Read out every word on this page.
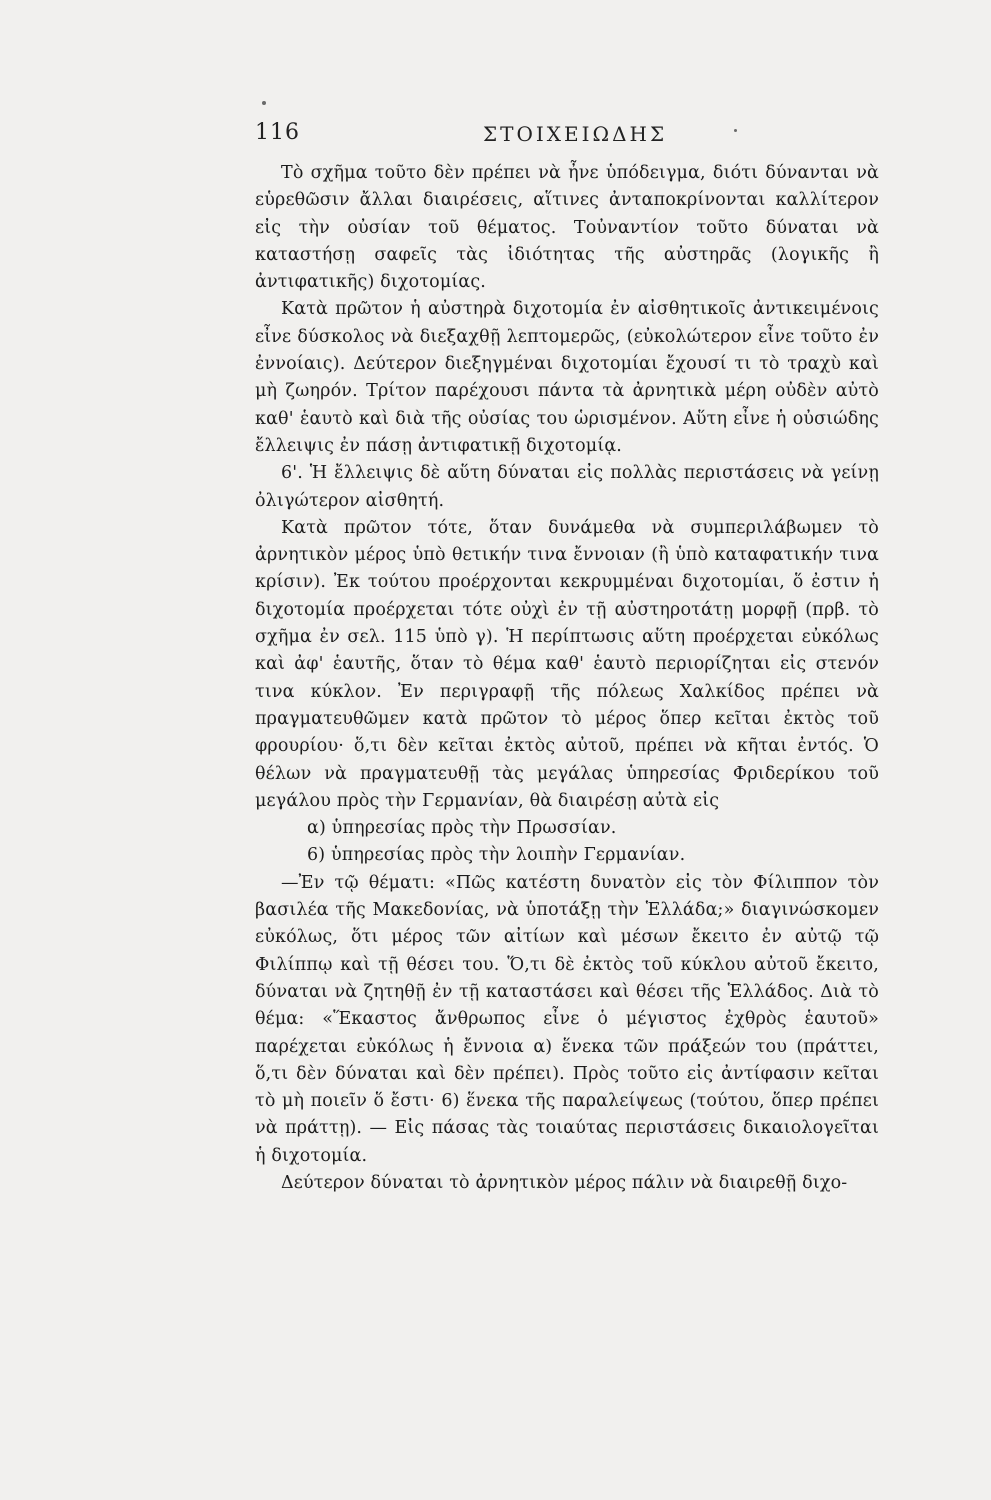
116	ΣΤΟΙΧΕΙΩΔΗΣ

Τὸ σχῆμα τοῦτο δὲν πρέπει νὰ ἦνε ὑπόδειγμα, διότι δύνανται νὰ εὑρεθῶσιν ἄλλαι διαιρέσεις, αἵτινες ἀνταποκρίνονται καλλίτερον εἰς τὴν οὐσίαν τοῦ θέματος. Τοὐναντίον τοῦτο δύναται νὰ καταστήσῃ σαφεῖς τὰς ἰδιότητας τῆς αὐστηρᾶς (λογικῆς ἢ ἀντιφατικῆς) διχοτομίας.

Κατὰ πρῶτον ἡ αὐστηρὰ διχοτομία ἐν αἰσθητικοῖς ἀντικειμένοις εἶνε δύσκολος νὰ διεξαχθῇ λεπτομερῶς, (εὐκολώτερον εἶνε τοῦτο ἐν ἐννοίαις). Δεύτερον διεξηγμέναι διχοτομίαι ἔχουσί τι τὸ τραχὺ καὶ μὴ ζωηρόν. Τρίτον παρέχουσι πάντα τὰ ἀρνητικὰ μέρη οὐδὲν αὐτὸ καθ' ἑαυτὸ καὶ διὰ τῆς οὐσίας του ὡρισμένον. Αὕτη εἶνε ἡ οὐσιώδης ἔλλειψις ἐν πάσῃ ἀντιφατικῇ διχοτομίᾳ.

6'. Ἡ ἔλλειψις δὲ αὕτη δύναται εἰς πολλὰς περιστάσεις νὰ γείνῃ ὀλιγώτερον αἰσθητή.

Κατὰ πρῶτον τότε, ὅταν δυνάμεθα νὰ συμπεριλάβωμεν τὸ ἀρνητικὸν μέρος ὑπὸ θετικήν τινα ἔννοιαν (ἢ ὑπὸ καταφατικήν τινα κρίσιν). Ἐκ τούτου προέρχονται κεκρυμμέναι διχοτομίαι, ὅ ἐστιν ἡ διχοτομία προέρχεται τότε οὐχὶ ἐν τῇ αὐστηροτάτῃ μορφῇ (πρβ. τὸ σχῆμα ἐν σελ. 115 ὑπὸ γ). Ἡ περίπτωσις αὕτη προέρχεται εὐκόλως καὶ ἀφ' ἑαυτῆς, ὅταν τὸ θέμα καθ' ἑαυτὸ περιορίζηται εἰς στενόν τινα κύκλον. Ἐν περιγραφῇ τῆς πόλεως Χαλκίδος πρέπει νὰ πραγματευθῶμεν κατὰ πρῶτον τὸ μέρος ὅπερ κεῖται ἐκτὸς τοῦ φρουρίου· ὅ,τι δὲν κεῖται ἐκτὸς αὐτοῦ, πρέπει νὰ κῆται ἐντός. Ὁ θέλων νὰ πραγματευθῇ τὰς μεγάλας ὑπηρεσίας Φριδερίκου τοῦ μεγάλου πρὸς τὴν Γερμανίαν, θὰ διαιρέσῃ αὐτὰ εἰς

α) ὑπηρεσίας πρὸς τὴν Πρωσσίαν.

6) ὑπηρεσίας πρὸς τὴν λοιπὴν Γερμανίαν.

—Ἐν τῷ θέματι: «Πῶς κατέστη δυνατὸν εἰς τὸν Φίλιππον τὸν βασιλέα τῆς Μακεδονίας, νὰ ὑποτάξῃ τὴν Ἑλλάδα;» διαγινώσκομεν εὐκόλως, ὅτι μέρος τῶν αἰτίων καὶ μέσων ἔκειτο ἐν αὐτῷ τῷ Φιλίππῳ καὶ τῇ θέσει του. Ὅ,τι δὲ ἐκτὸς τοῦ κύκλου αὐτοῦ ἔκειτο, δύναται νὰ ζητηθῇ ἐν τῇ καταστάσει καὶ θέσει τῆς Ἑλλάδος. Διὰ τὸ θέμα: «Ἕκαστος ἄνθρωπος εἶνε ὁ μέγιστος ἐχθρὸς ἑαυτοῦ» παρέχεται εὐκόλως ἡ ἔννοια α) ἕνεκα τῶν πράξεών του (πράττει, ὅ,τι δὲν δύναται καὶ δὲν πρέπει). Πρὸς τοῦτο εἰς ἀντίφασιν κεῖται τὸ μὴ ποιεῖν ὅ ἔστι· 6) ἕνεκα τῆς παραλείψεως (τούτου, ὅπερ πρέπει νὰ πράττῃ). — Εἰς πάσας τὰς τοιαύτας περιστάσεις δικαιολογεῖται ἡ διχοτομία.

Δεύτερον δύναται τὸ ἀρνητικὸν μέρος πάλιν νὰ διαιρεθῇ διχο-
